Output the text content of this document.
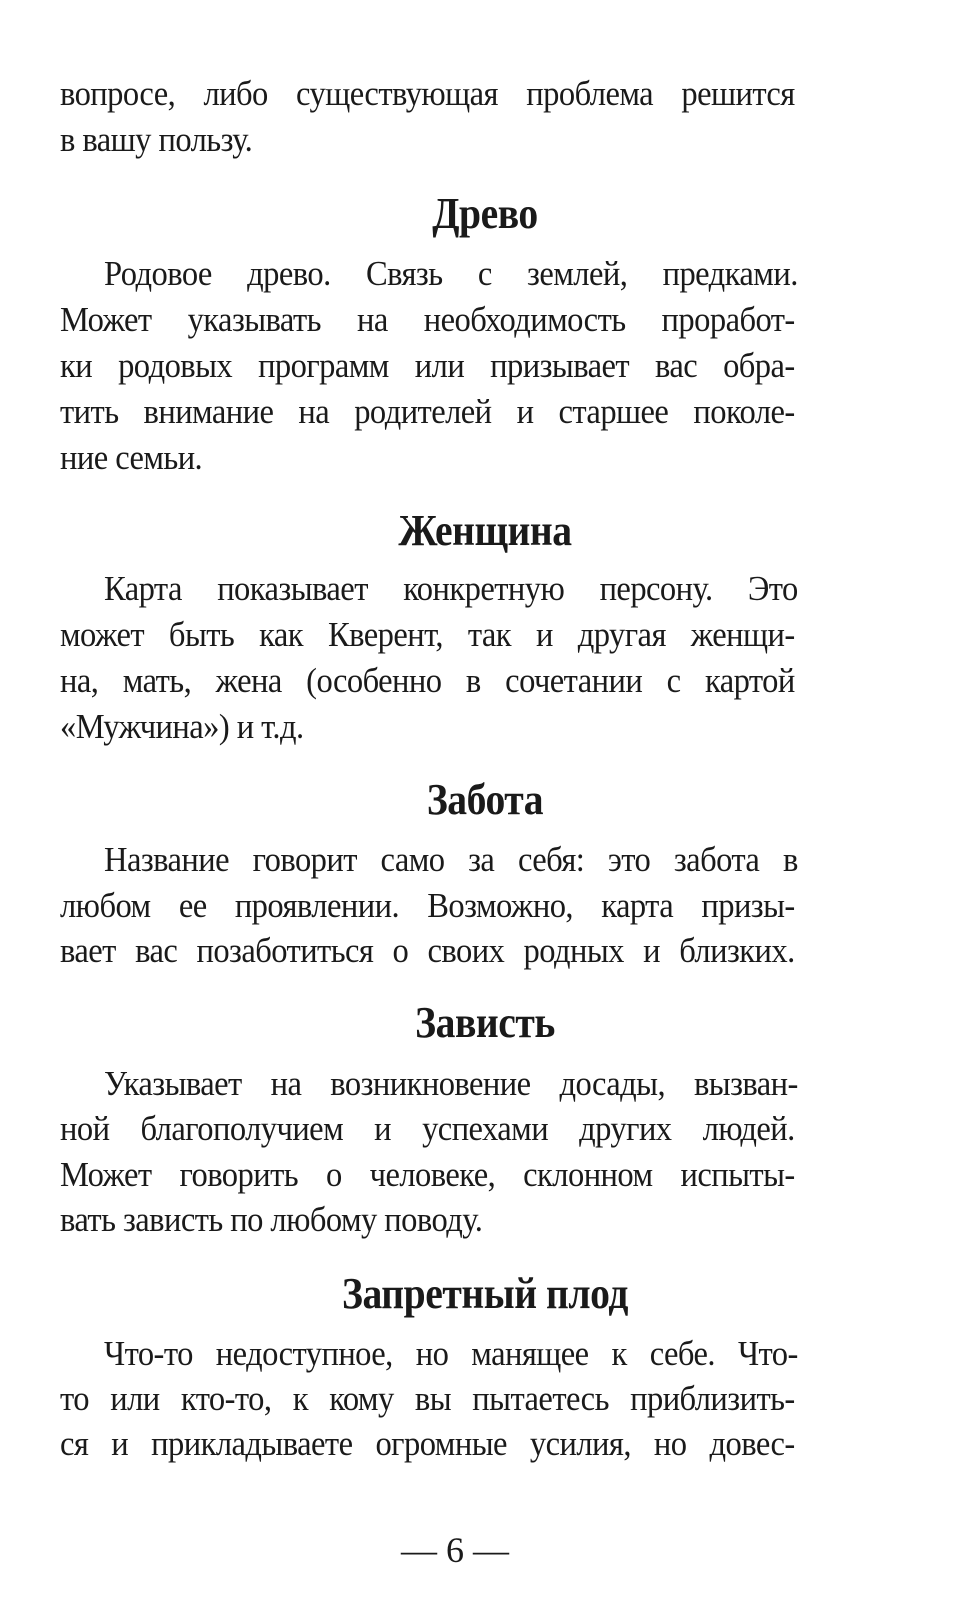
вопросе, либо существующая проблема решится
в вашу пользу.
Древо
Родовое древо. Связь с землей, предками.
Может указывать на необходимость проработ-
ки родовых программ или призывает вас обра-
тить внимание на родителей и старшее поколе-
ние семьи.
Женщина
Карта показывает конкретную персону. Это
может быть как Кверент, так и другая женщи-
на, мать, жена (особенно в сочетании с картой
«Мужчина») и т.д.
Забота
Название говорит само за себя: это забота в
любом ее проявлении. Возможно, карта призы-
вает вас позаботиться о своих родных и близких.
Зависть
Указывает на возникновение досады, вызван-
ной благополучием и успехами других людей.
Может говорить о человеке, склонном испыты-
вать зависть по любому поводу.
Запретный плод
Что-то недоступное, но манящее к себе. Что-
то или кто-то, к кому вы пытаетесь приблизить-
ся и прикладываете огромные усилия, но довес-
— 6 —
